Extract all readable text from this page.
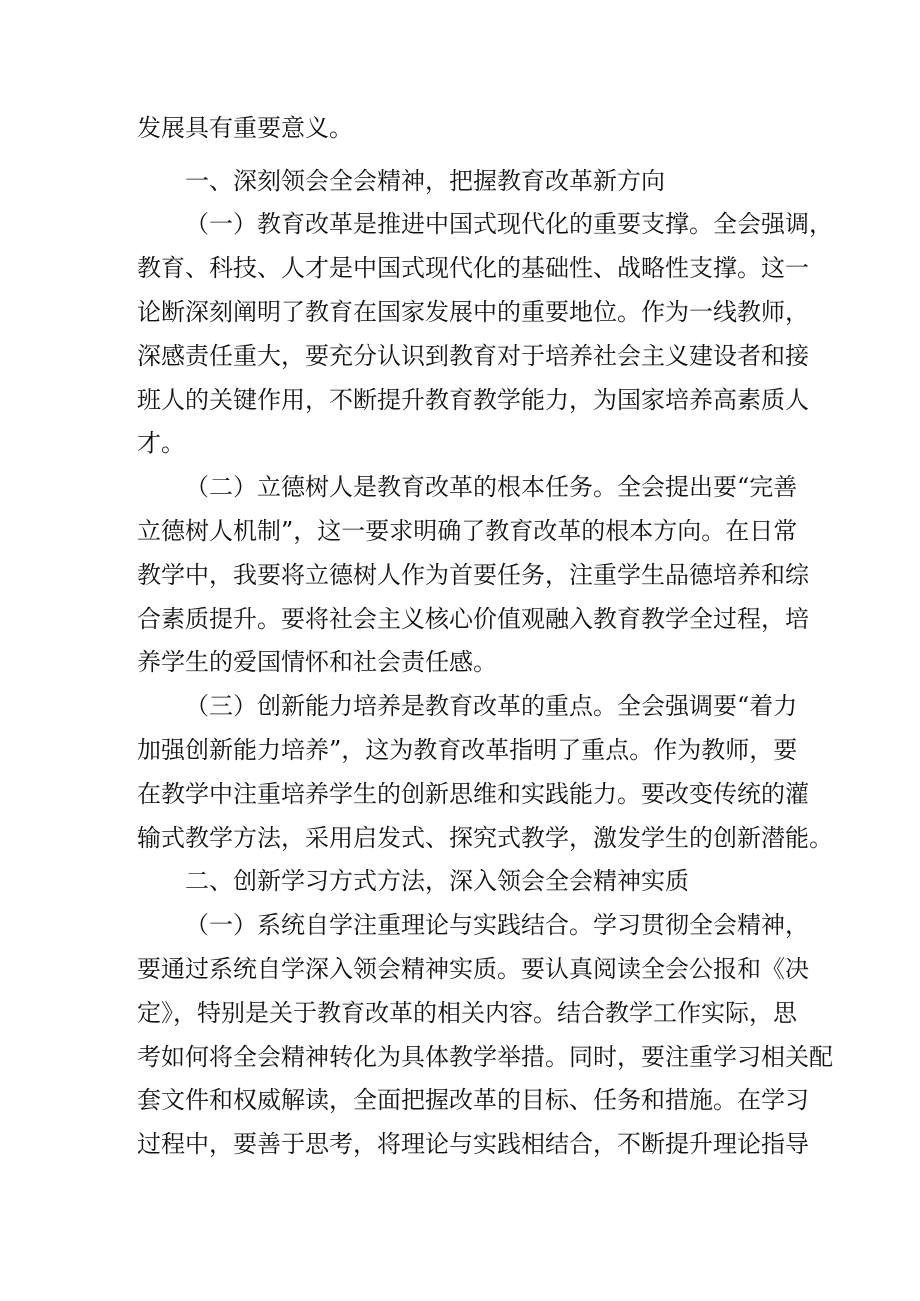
发展具有重要意义。
一、深刻领会全会精神，把握教育改革新方向
（一）教育改革是推进中国式现代化的重要支撑。全会强调，
教育、科技、人才是中国式现代化的基础性、战略性支撑。这一
论断深刻阐明了教育在国家发展中的重要地位。作为一线教师，
深感责任重大，要充分认识到教育对于培养社会主义建设者和接
班人的关键作用，不断提升教育教学能力，为国家培养高素质人
才。
（二）立德树人是教育改革的根本任务。全会提出要“完善
立德树人机制”，这一要求明确了教育改革的根本方向。在日常
教学中，我要将立德树人作为首要任务，注重学生品德培养和综
合素质提升。要将社会主义核心价值观融入教育教学全过程，培
养学生的爱国情怀和社会责任感。
（三）创新能力培养是教育改革的重点。全会强调要“着力
加强创新能力培养”，这为教育改革指明了重点。作为教师，要
在教学中注重培养学生的创新思维和实践能力。要改变传统的灌
输式教学方法，采用启发式、探究式教学，激发学生的创新潜能。
二、创新学习方式方法，深入领会全会精神实质
（一）系统自学注重理论与实践结合。学习贯彻全会精神，
要通过系统自学深入领会精神实质。要认真阅读全会公报和《决
定》，特别是关于教育改革的相关内容。结合教学工作实际，思
考如何将全会精神转化为具体教学举措。同时，要注重学习相关配
套文件和权威解读，全面把握改革的目标、任务和措施。在学习
过程中，要善于思考，将理论与实践相结合，不断提升理论指导
